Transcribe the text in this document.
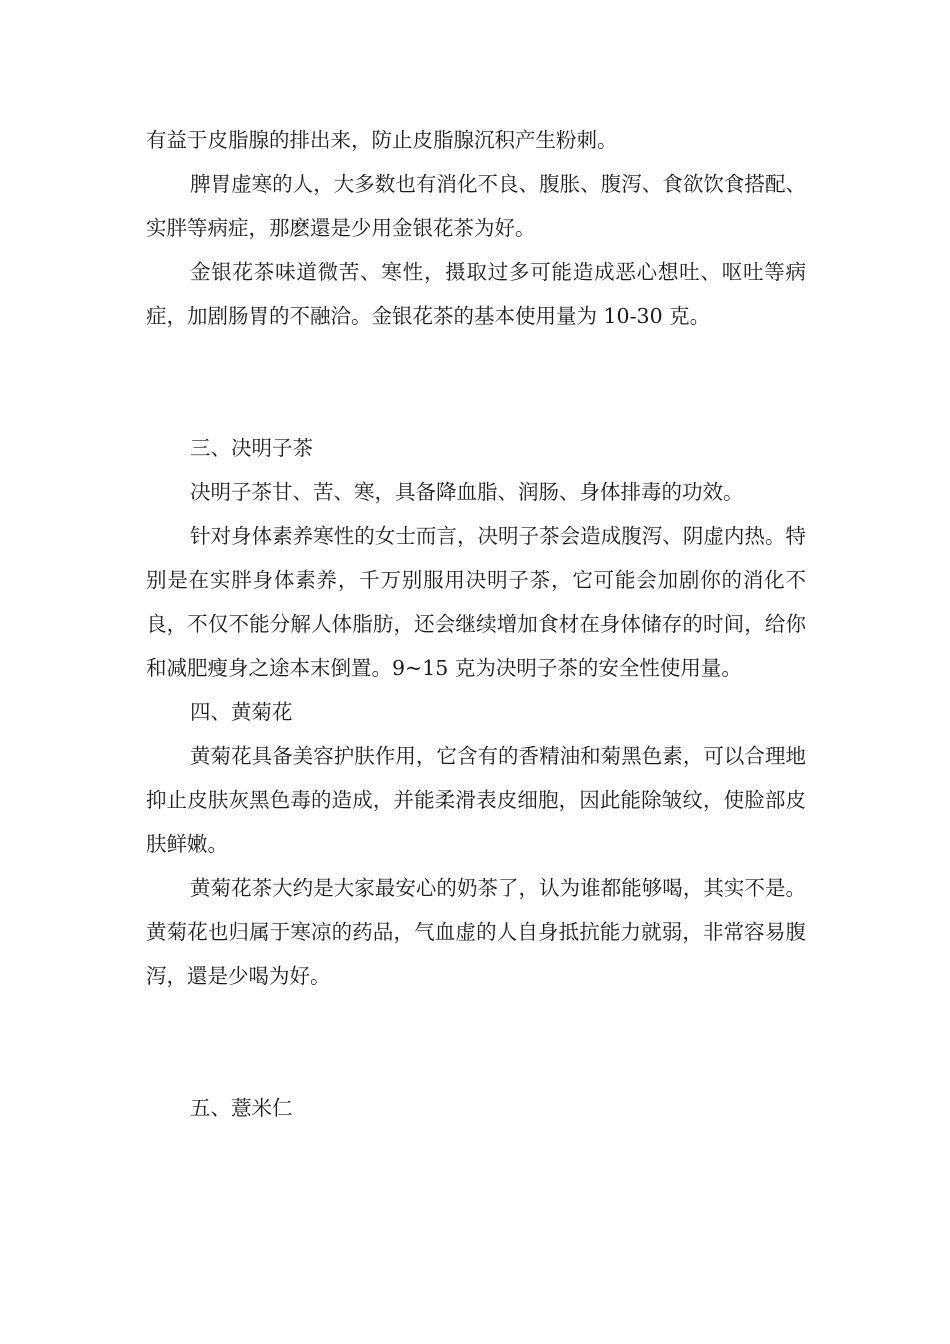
有益于皮脂腺的排出来，防止皮脂腺沉积产生粉刺。

脾胃虚寒的人，大多数也有消化不良、腹胀、腹泻、食欲饮食搭配、实胖等病症，那麽還是少用金银花茶为好。

金银花茶味道微苦、寒性，摄取过多可能造成恶心想吐、呕吐等病症，加剧肠胃的不融洽。金银花茶的基本使用量为 10-30 克。

三、决明子茶

决明子茶甘、苦、寒，具备降血脂、润肠、身体排毒的功效。

针对身体素养寒性的女士而言，决明子茶会造成腹泻、阴虚内热。特别是在实胖身体素养，千万别服用决明子茶，它可能会加剧你的消化不良，不仅不能分解人体脂肪，还会继续增加食材在身体储存的时间，给你和减肥瘦身之途本末倒置。9~15 克为决明子茶的安全性使用量。

四、黄菊花

黄菊花具备美容护肤作用，它含有的香精油和菊黑色素，可以合理地抑止皮肤灰黑色毒的造成，并能柔滑表皮细胞，因此能除皱纹，使脸部皮肤鲜嫩。

黄菊花茶大约是大家最安心的奶茶了，认为谁都能够喝，其实不是。黄菊花也归属于寒凉的药品，气血虚的人自身抵抗能力就弱，非常容易腹泻，還是少喝为好。

五、薏米仁
